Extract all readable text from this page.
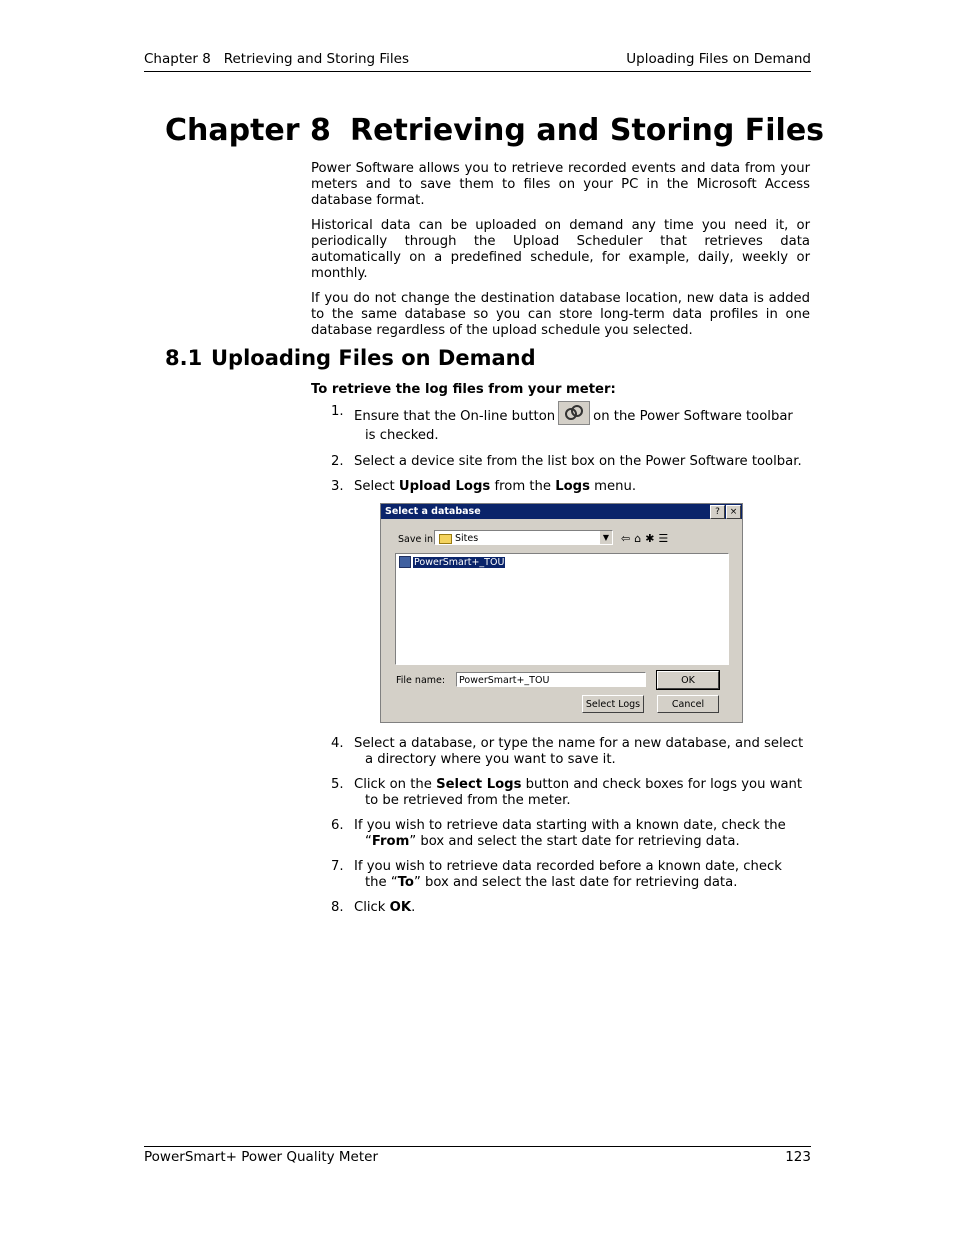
Chapter 8   Retrieving and Storing Files	Uploading Files on Demand
Chapter 8 Retrieving and Storing Files

Power Software allows you to retrieve recorded events and data from your meters and to save them to files on your PC in the Microsoft Access database format.

Historical data can be uploaded on demand any time you need it, or periodically through the Upload Scheduler that retrieves data automatically on a predefined schedule, for example, daily, weekly or monthly.

If you do not change the destination database location, new data is added to the same database so you can store long-term data profiles in one database regardless of the upload schedule you selected.

8.1 Uploading Files on Demand
To retrieve the log files from your meter:
1. Ensure that the On-line button	on the Power Software toolbar
is checked.
2. Select a device site from the list box on the Power Software toolbar.
3. Select Upload Logs from the Logs menu.
Select a database	? ×
Save in	Sites	▼ ⇦⌂✱☰
PowerSmart+_TOU
File name:	PowerSmart+_TOU	OK
Select Logs	Cancel
4. Select a database, or type the name for a new database, and select
a directory where you want to save it.
5. Click on the Select Logs button and check boxes for logs you want
to be retrieved from the meter.
6. If you wish to retrieve data starting with a known date, check the
“From” box and select the start date for retrieving data.
7. If you wish to retrieve data recorded before a known date, check
the “To” box and select the last date for retrieving data.
8. Click OK.
PowerSmart+ Power Quality Meter	123
